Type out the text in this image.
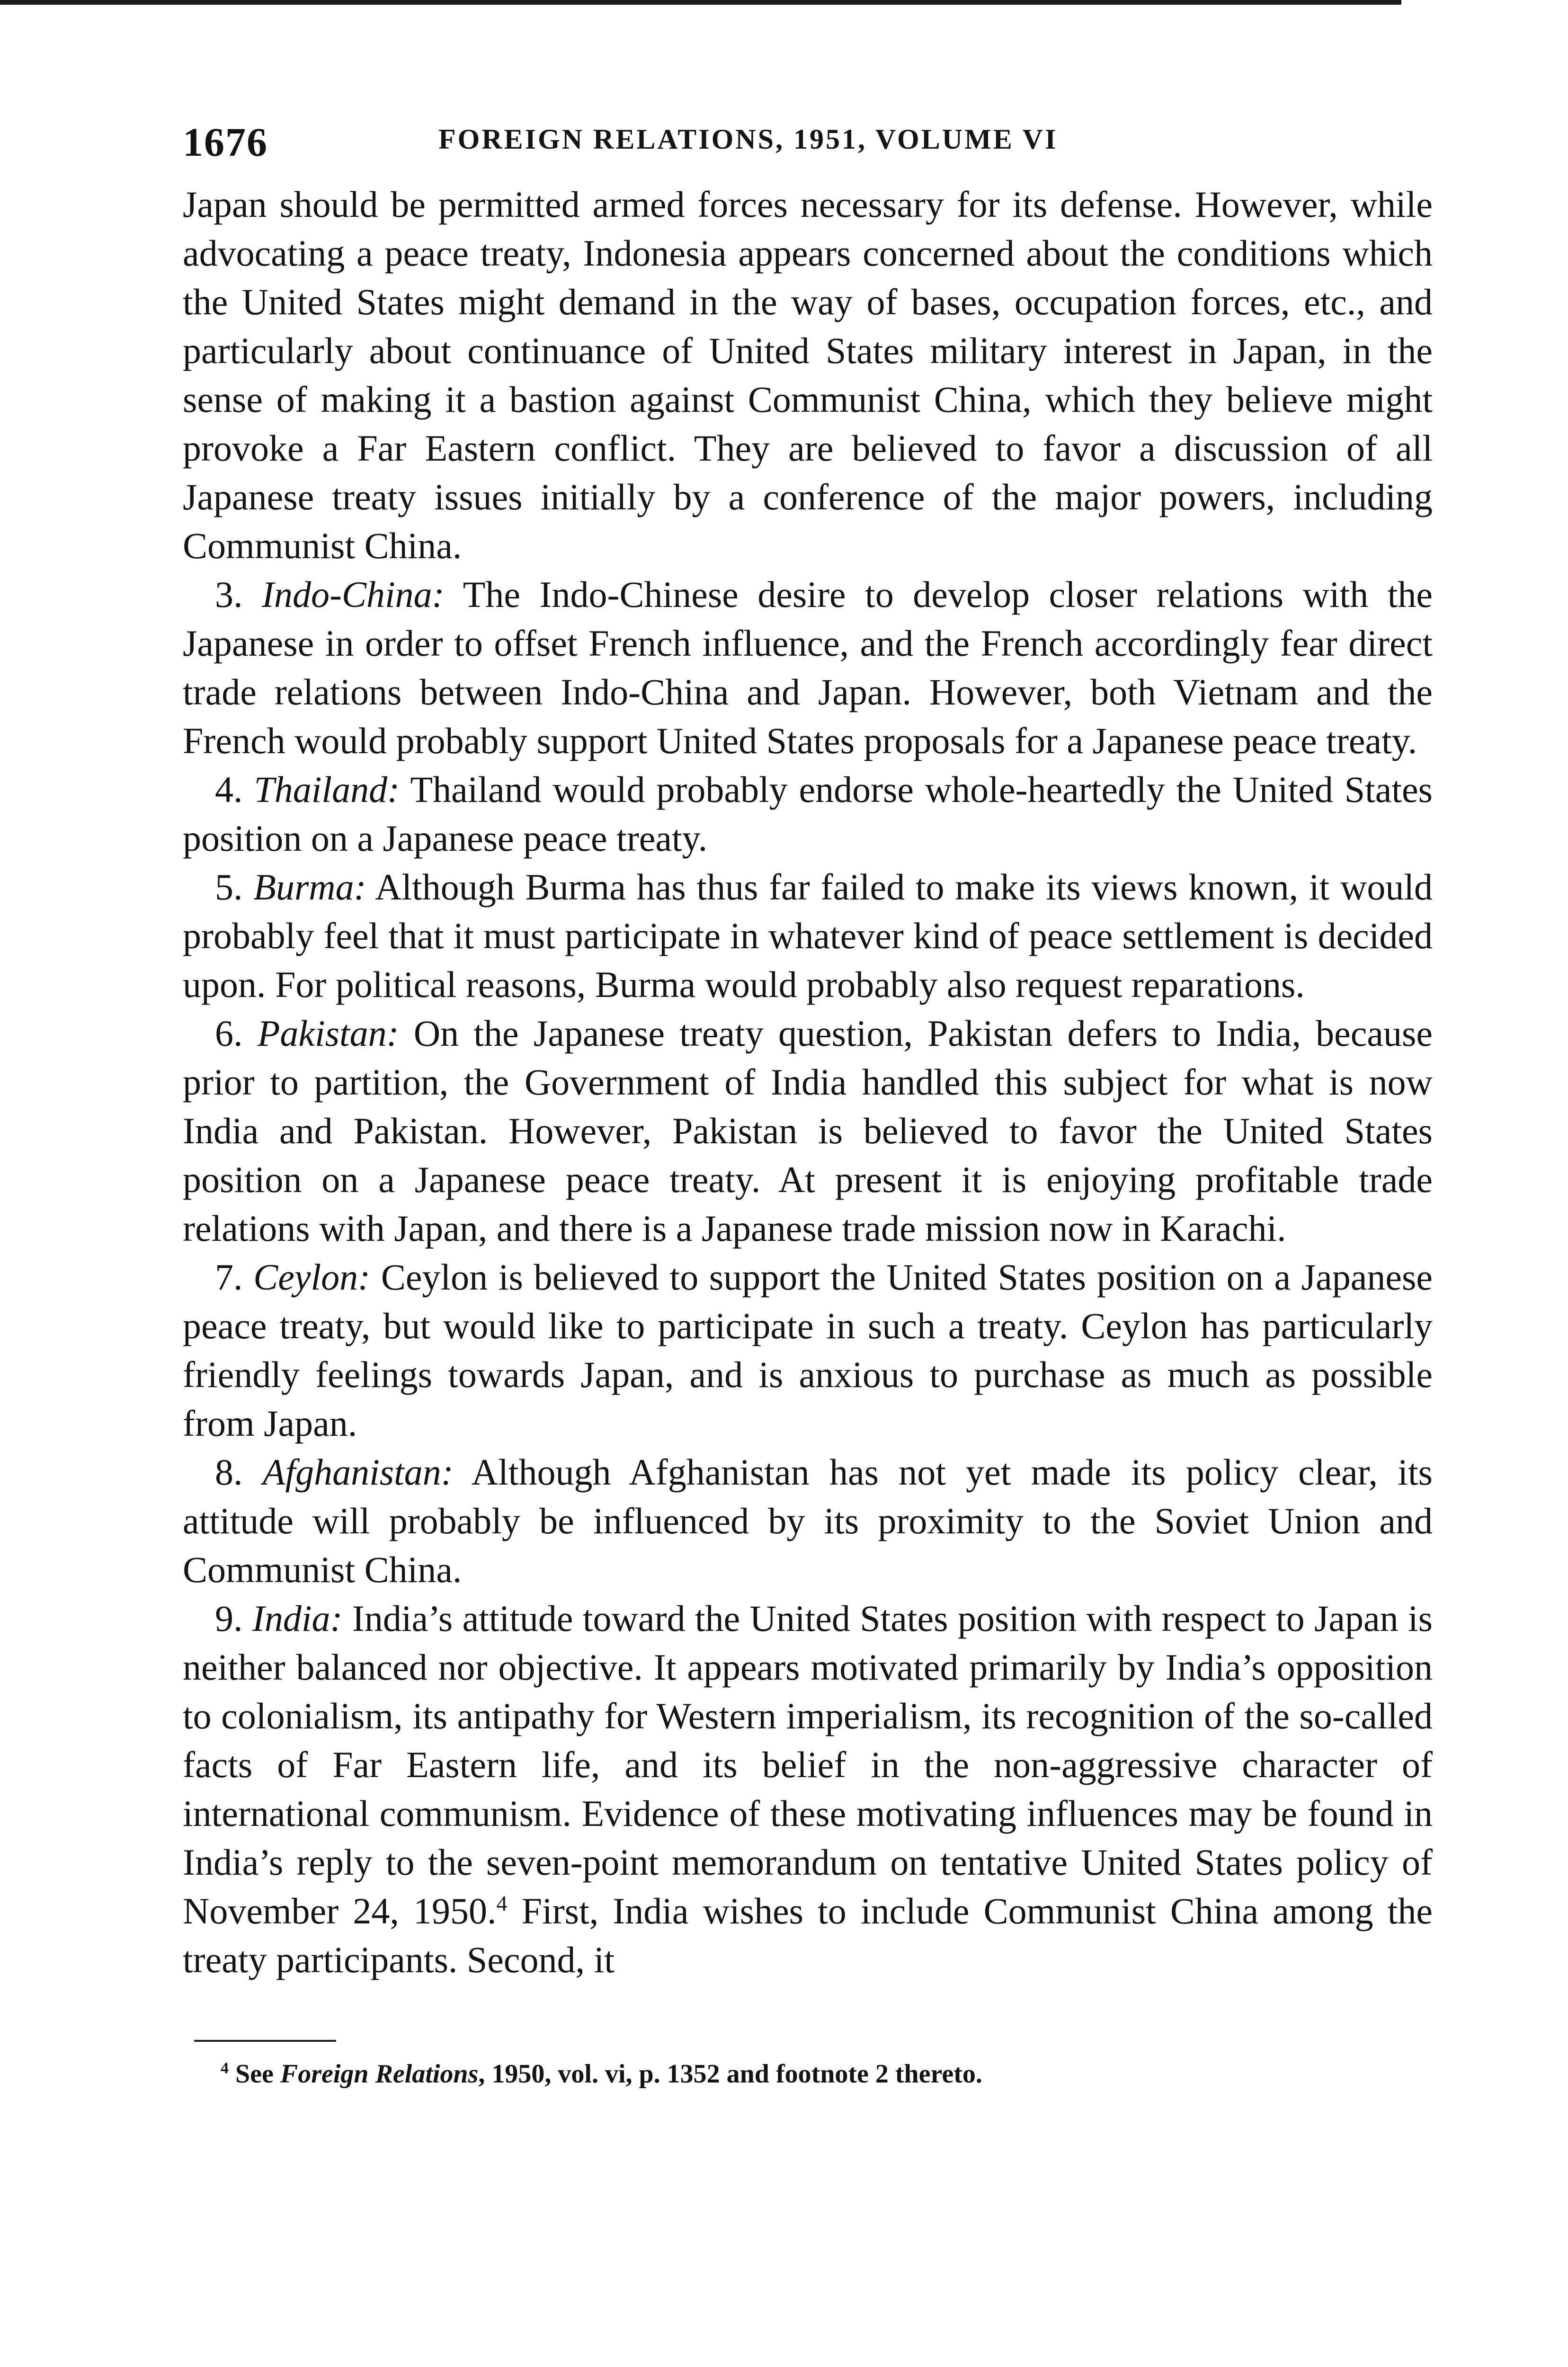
1676	FOREIGN RELATIONS, 1951, VOLUME VI

Japan should be permitted armed forces necessary for its defense. However, while advocating a peace treaty, Indonesia appears concerned about the conditions which the United States might demand in the way of bases, occupation forces, etc., and particularly about continuance of United States military interest in Japan, in the sense of making it a bastion against Communist China, which they believe might provoke a Far Eastern conflict. They are believed to favor a discussion of all Japanese treaty issues initially by a conference of the major powers, including Communist China.

3. Indo-China: The Indo-Chinese desire to develop closer relations with the Japanese in order to offset French influence, and the French accordingly fear direct trade relations between Indo-China and Japan. However, both Vietnam and the French would probably support United States proposals for a Japanese peace treaty.

4. Thailand: Thailand would probably endorse whole-heartedly the United States position on a Japanese peace treaty.

5. Burma: Although Burma has thus far failed to make its views known, it would probably feel that it must participate in whatever kind of peace settlement is decided upon. For political reasons, Burma would probably also request reparations.

6. Pakistan: On the Japanese treaty question, Pakistan defers to India, because prior to partition, the Government of India handled this subject for what is now India and Pakistan. However, Pakistan is believed to favor the United States position on a Japanese peace treaty. At present it is enjoying profitable trade relations with Japan, and there is a Japanese trade mission now in Karachi.

7. Ceylon: Ceylon is believed to support the United States position on a Japanese peace treaty, but would like to participate in such a treaty. Ceylon has particularly friendly feelings towards Japan, and is anxious to purchase as much as possible from Japan.

8. Afghanistan: Although Afghanistan has not yet made its policy clear, its attitude will probably be influenced by its proximity to the Soviet Union and Communist China.

9. India: India’s attitude toward the United States position with respect to Japan is neither balanced nor objective. It appears motivated primarily by India’s opposition to colonialism, its antipathy for Western imperialism, its recognition of the so-called facts of Far Eastern life, and its belief in the non-aggressive character of international communism. Evidence of these motivating influences may be found in India’s reply to the seven-point memorandum on tentative United States policy of November 24, 1950.$^4$ First, India wishes to include Communist China among the treaty participants. Second, it

$^4$ See Foreign Relations, 1950, vol. vi, p. 1352 and footnote 2 thereto.
